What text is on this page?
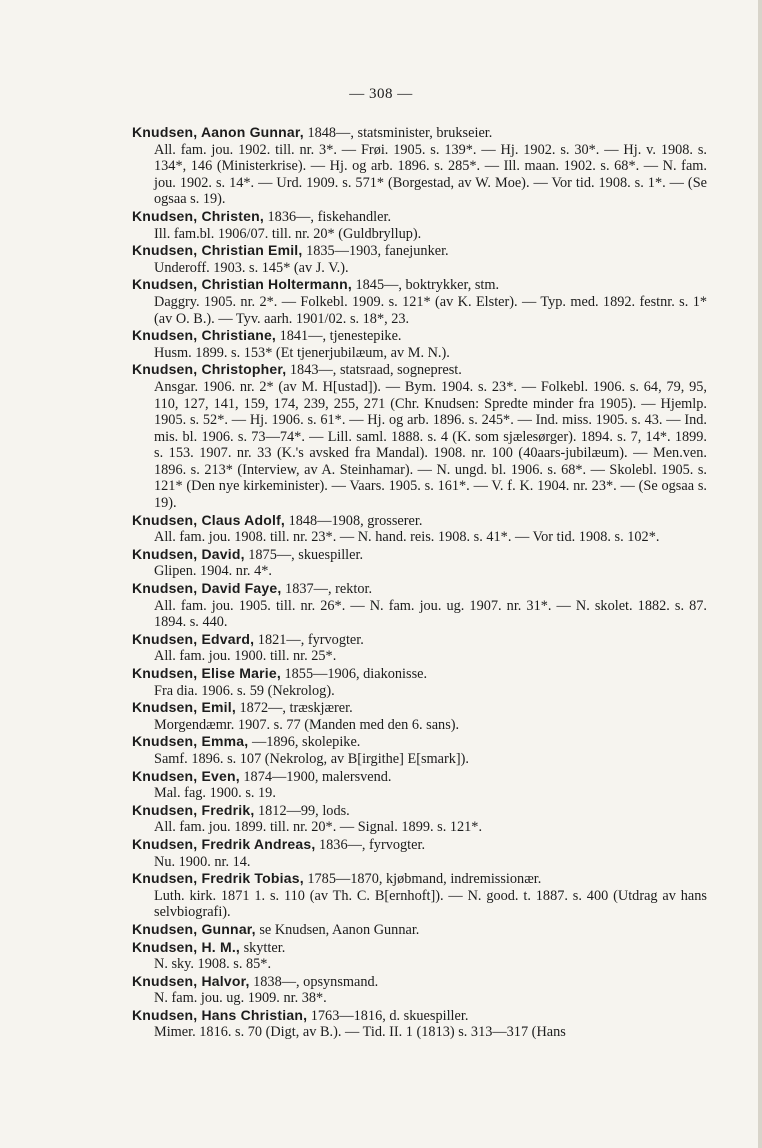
— 308 —
Knudsen, Aanon Gunnar, 1848—, statsminister, brukseier.
All. fam. jou. 1902. till. nr. 3*. — Frøi. 1905. s. 139*. — Hj. 1902. s. 30*. — Hj. v. 1908. s. 134*, 146 (Ministerkrise). — Hj. og arb. 1896. s. 285*. — Ill. maan. 1902. s. 68*. — N. fam. jou. 1902. s. 14*. — Urd. 1909. s. 571* (Borgestad, av W. Moe). — Vor tid. 1908. s. 1*. — (Se ogsaa s. 19).
Knudsen, Christen, 1836—, fiskehandler.
Ill. fam.bl. 1906/07. till. nr. 20* (Guldbryllup).
Knudsen, Christian Emil, 1835—1903, fanejunker.
Underoff. 1903. s. 145* (av J. V.).
Knudsen, Christian Holtermann, 1845—, boktrykker, stm.
Daggry. 1905. nr. 2*. — Folkebl. 1909. s. 121* (av K. Elster). — Typ. med. 1892. festnr. s. 1* (av O. B.). — Tyv. aarh. 1901/02. s. 18*, 23.
Knudsen, Christiane, 1841—, tjenestepike.
Husm. 1899. s. 153* (Et tjenerjubilæum, av M. N.).
Knudsen, Christopher, 1843—, statsraad, sogneprest.
Ansgar. 1906. nr. 2* (av M. H[ustad]). — Bym. 1904. s. 23*. — Folkebl. 1906. s. 64, 79, 95, 110, 127, 141, 159, 174, 239, 255, 271 (Chr. Knudsen: Spredte minder fra 1905). — Hjemlp. 1905. s. 52*. — Hj. 1906. s. 61*. — Hj. og arb. 1896. s. 245*. — Ind. miss. 1905. s. 43. — Ind. mis. bl. 1906. s. 73—74*. — Lill. saml. 1888. s. 4 (K. som sjælesørger). 1894. s. 7, 14*. 1899. s. 153. 1907. nr. 33 (K.'s avsked fra Mandal). 1908. nr. 100 (40aars-jubilæum). — Men.ven. 1896. s. 213* (Interview, av A. Steinhamar). — N. ungd. bl. 1906. s. 68*. — Skolebl. 1905. s. 121* (Den nye kirkeminister). — Vaars. 1905. s. 161*. — V. f. K. 1904. nr. 23*. — (Se ogsaa s. 19).
Knudsen, Claus Adolf, 1848—1908, grosserer.
All. fam. jou. 1908. till. nr. 23*. — N. hand. reis. 1908. s. 41*. — Vor tid. 1908. s. 102*.
Knudsen, David, 1875—, skuespiller.
Glipen. 1904. nr. 4*.
Knudsen, David Faye, 1837—, rektor.
All. fam. jou. 1905. till. nr. 26*. — N. fam. jou. ug. 1907. nr. 31*. — N. skolet. 1882. s. 87. 1894. s. 440.
Knudsen, Edvard, 1821—, fyrvogter.
All. fam. jou. 1900. till. nr. 25*.
Knudsen, Elise Marie, 1855—1906, diakonisse.
Fra dia. 1906. s. 59 (Nekrolog).
Knudsen, Emil, 1872—, træskjærer.
Morgendæmr. 1907. s. 77 (Manden med den 6. sans).
Knudsen, Emma, —1896, skolepike.
Samf. 1896. s. 107 (Nekrolog, av B[irgithe] E[smark]).
Knudsen, Even, 1874—1900, malersvend.
Mal. fag. 1900. s. 19.
Knudsen, Fredrik, 1812—99, lods.
All. fam. jou. 1899. till. nr. 20*. — Signal. 1899. s. 121*.
Knudsen, Fredrik Andreas, 1836—, fyrvogter.
Nu. 1900. nr. 14.
Knudsen, Fredrik Tobias, 1785—1870, kjøbmand, indremissionær.
Luth. kirk. 1871 1. s. 110 (av Th. C. B[ernhoft]). — N. good. t. 1887. s. 400 (Utdrag av hans selvbiografi).
Knudsen, Gunnar, se Knudsen, Aanon Gunnar.
Knudsen, H. M., skytter.
N. sky. 1908. s. 85*.
Knudsen, Halvor, 1838—, opsynsmand.
N. fam. jou. ug. 1909. nr. 38*.
Knudsen, Hans Christian, 1763—1816, d. skuespiller.
Mimer. 1816. s. 70 (Digt, av B.). — Tid. II. 1 (1813) s. 313—317 (Hans
